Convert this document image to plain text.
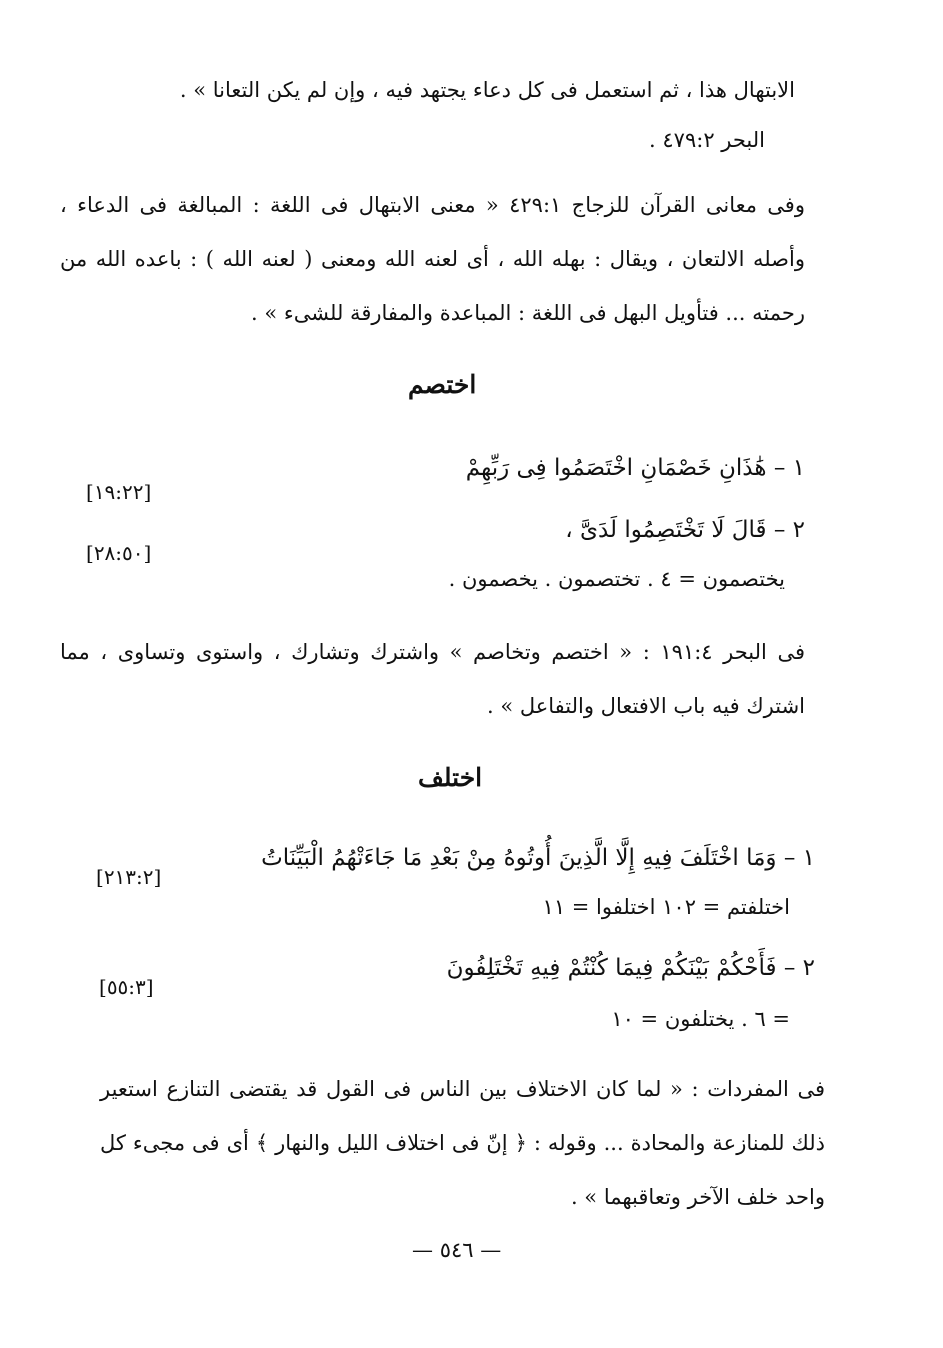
الابتهال هذا ، ثم استعمل فى كل دعاء يجتهد فيه ، وإن لم يكن التعانا » .
البحر ٤٧٩:٢ .
وفى معانى القرآن للزجاج ٤٢٩:١ « معنى الابتهال فى اللغة : المبالغة فى الدعاء ، وأصله الالتعان ، ويقال : بهله الله ، أى لعنه الله ومعنى ( لعنه الله ) : باعده الله من رحمته ... فتأويل البهل فى اللغة : المباعدة والمفارقة للشىء » .
اختصم
١ – هَٰذَانِ خَصْمَانِ اخْتَصَمُوا فِى رَبِّهِمْ
[١٩:٢٢]
٢ – قَالَ لَا تَخْتَصِمُوا لَدَىَّ ،
[٢٨:٥٠]
يختصمون = ٤ . تختصمون . يخصمون .
فى البحر ١٩١:٤ : « اختصم وتخاصم » واشترك وتشارك ، واستوى وتساوى ، مما اشترك فيه باب الافتعال والتفاعل » .
اختلف
١ – وَمَا اخْتَلَفَ فِيهِ إِلَّا الَّذِينَ أُوتُوهُ مِنْ بَعْدِ مَا جَاءَتْهُمُ الْبَيِّنَاتُ
[٢١٣:٢]
اختلفتم = ١٠٢ اختلفوا = ١١
٢ – فَأَحْكُمْ بَيْنَكُمْ فِيمَا كُنْتُمْ فِيهِ تَخْتَلِفُونَ
[٥٥:٣]
= ٦ . يختلفون = ١٠
فى المفردات : « لما كان الاختلاف بين الناس فى القول قد يقتضى التنازع استعير ذلك للمنازعة والمحادة ... وقوله : ﴿ إنّ فى اختلاف الليل والنهار ﴾ أى فى مجىء كل واحد خلف الآخر وتعاقبهما » .
— ٥٤٦ —
